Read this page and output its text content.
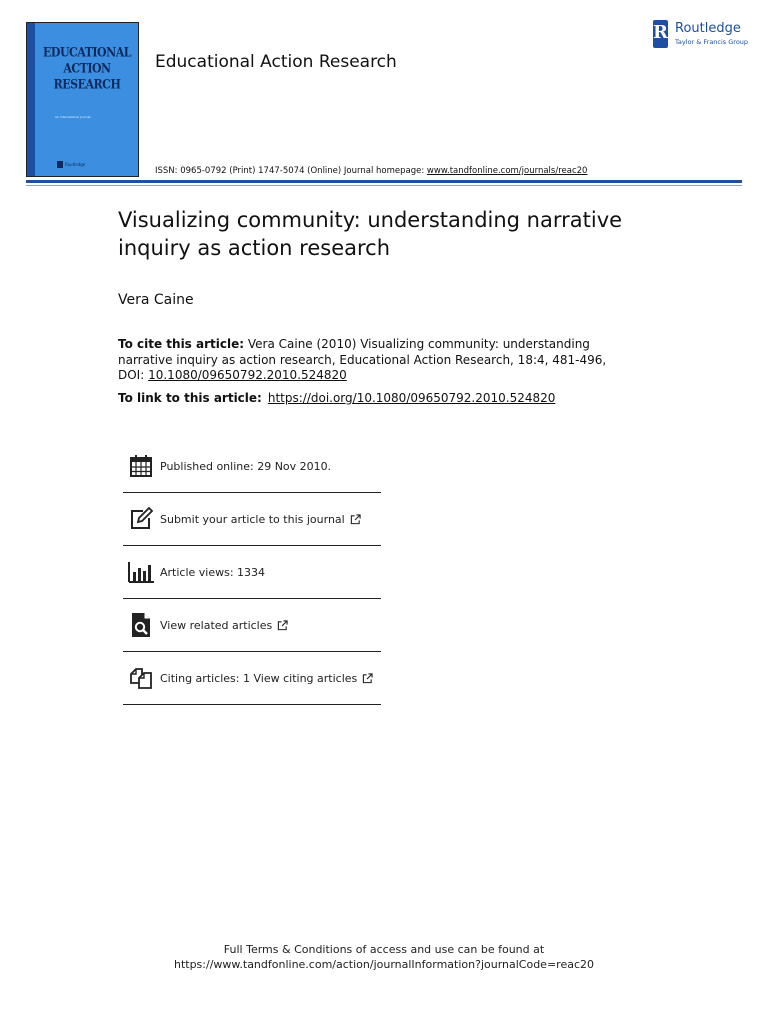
EDUCATIONAL
ACTION
RESEARCH
An International Journal
Routledge
Educational Action Research
ISSN: 0965-0792 (Print) 1747-5074 (Online) Journal homepage: www.tandfonline.com/journals/reac20
R Routledge
Taylor & Francis Group
Visualizing community: understanding narrative inquiry as action research
Vera Caine
To cite this article: Vera Caine (2010) Visualizing community: understanding narrative inquiry as action research, Educational Action Research, 18:4, 481-496, DOI: 10.1080/09650792.2010.524820
To link to this article: https://doi.org/10.1080/09650792.2010.524820
Published online: 29 Nov 2010.
Submit your article to this journal
Article views: 1334
View related articles
Citing articles: 1 View citing articles
Full Terms & Conditions of access and use can be found at
https://www.tandfonline.com/action/journalInformation?journalCode=reac20
